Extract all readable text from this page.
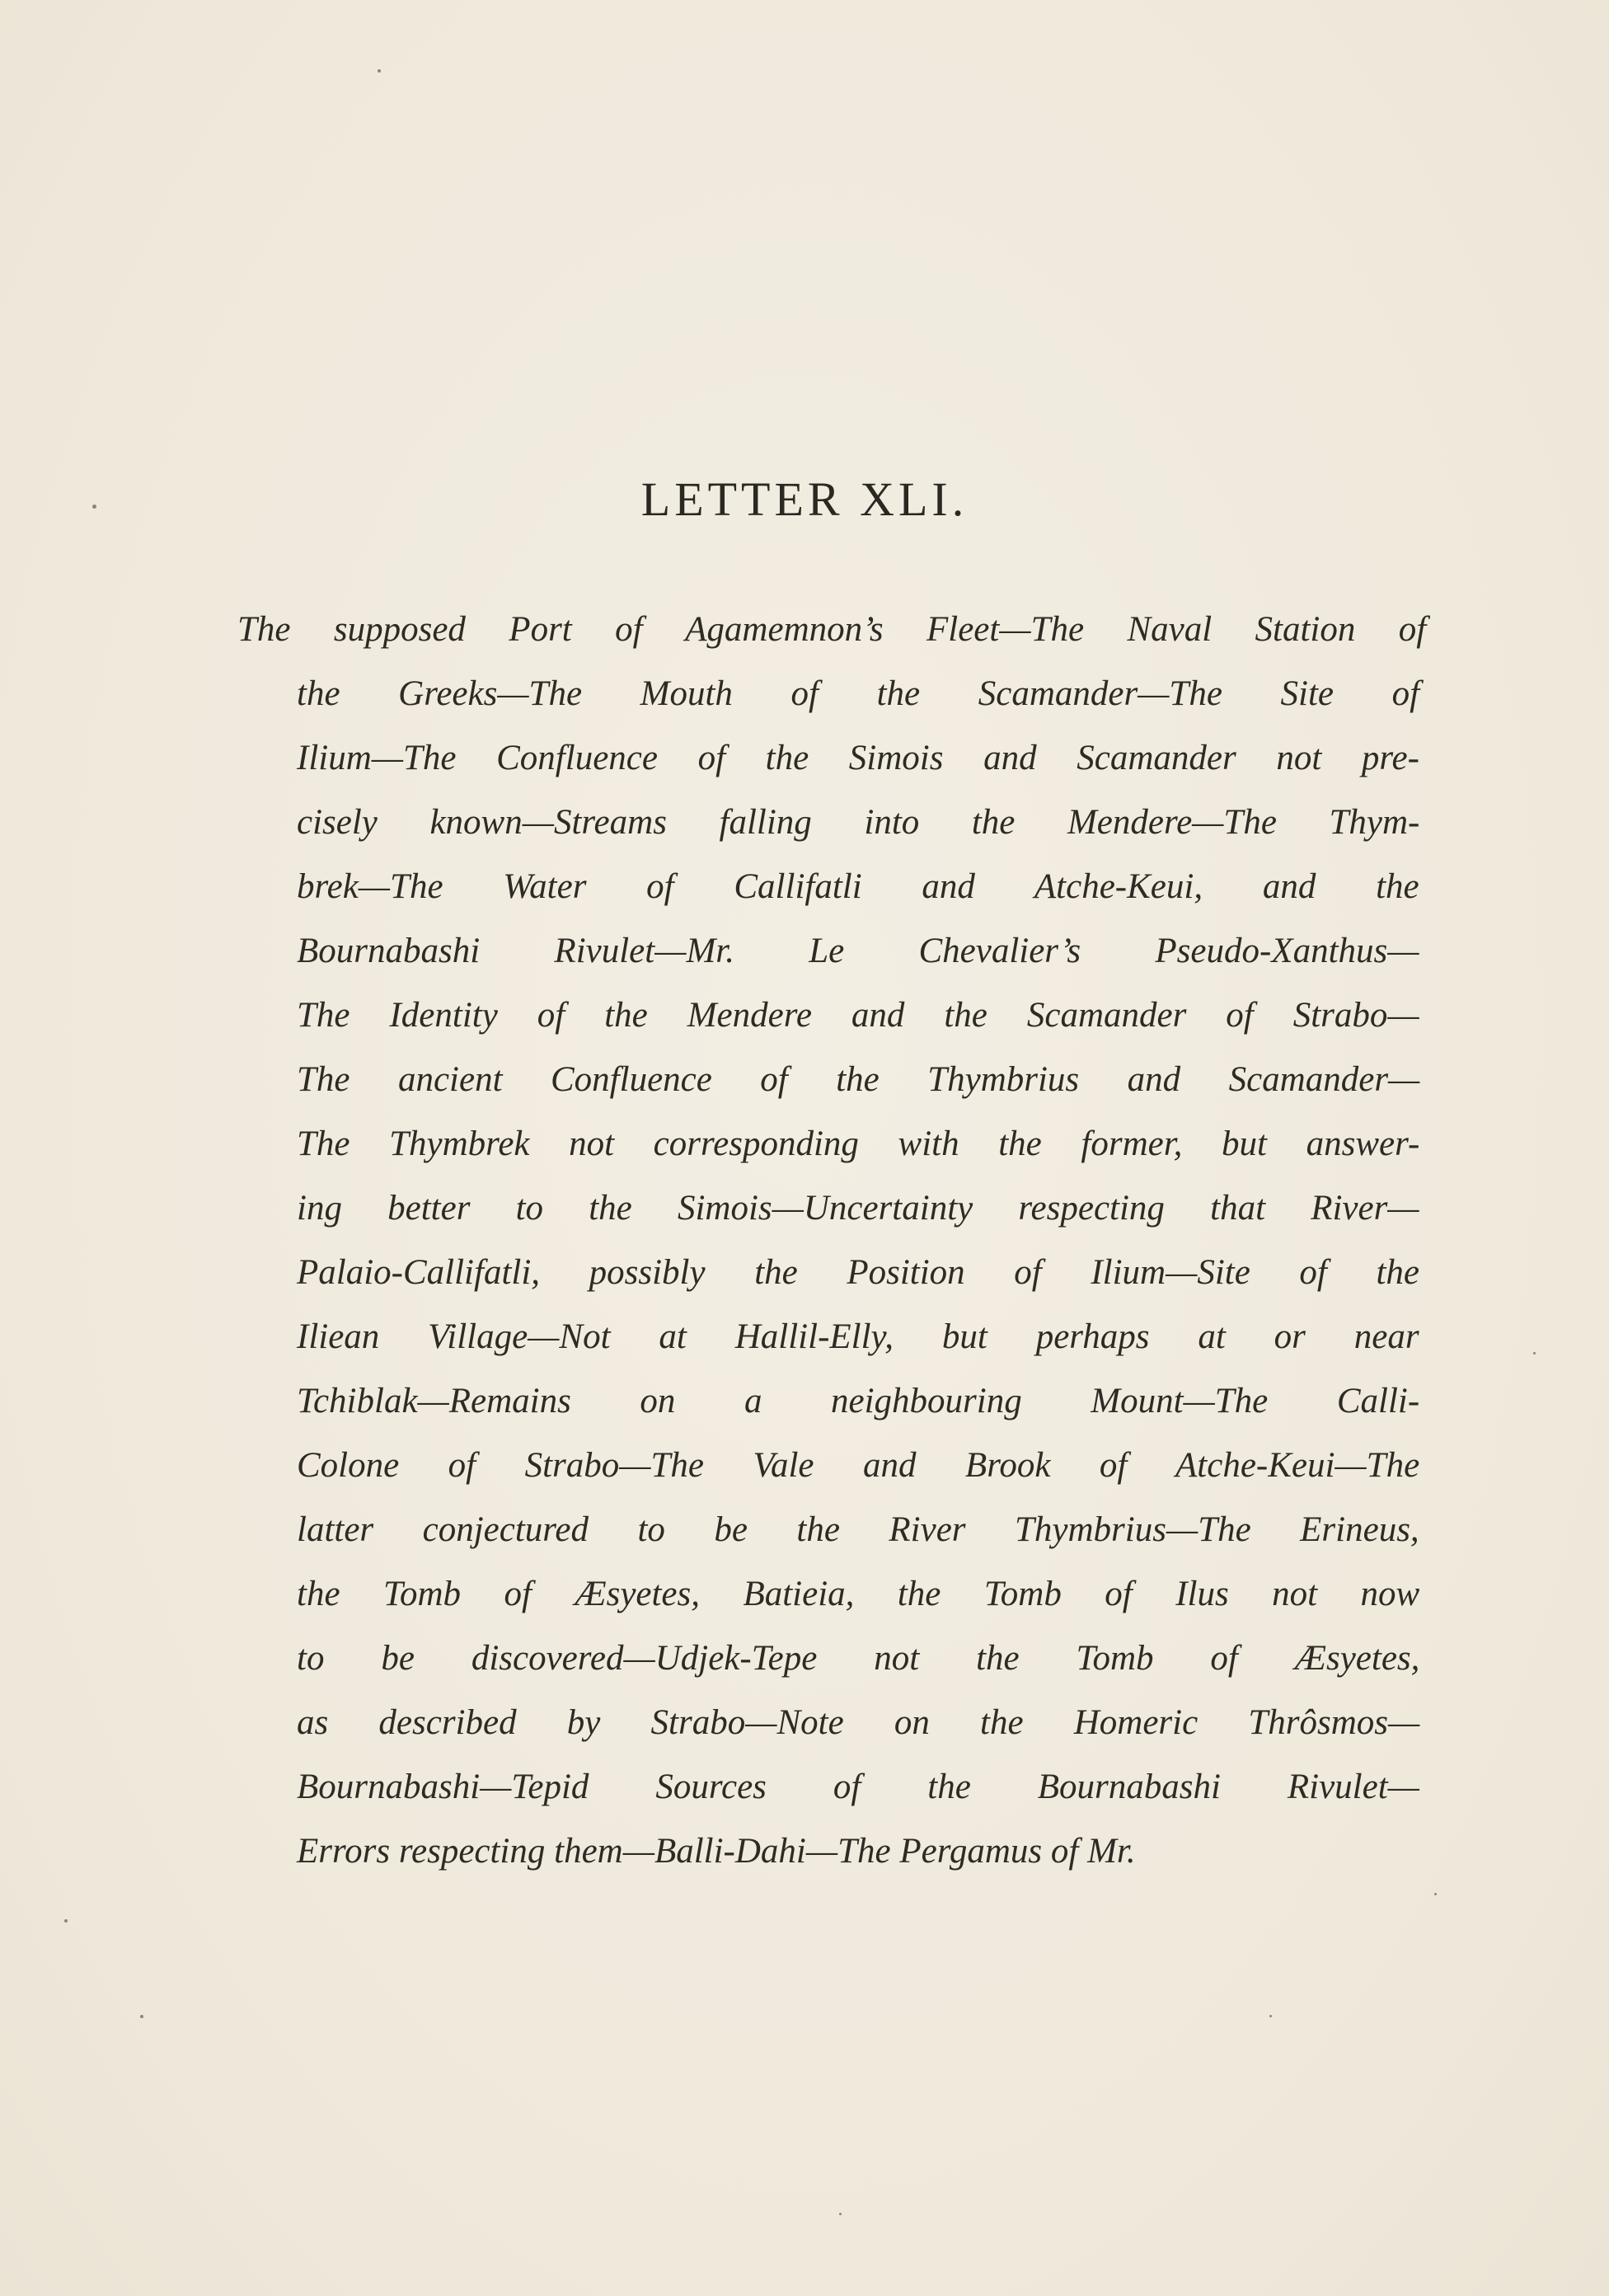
LETTER XLI.
The supposed Port of Agamemnon’s Fleet—The Naval Station of
the Greeks—The Mouth of the Scamander—The Site of
Ilium—The Confluence of the Simois and Scamander not pre-
cisely known—Streams falling into the Mendere—The Thym-
brek—The Water of Callifatli and Atche-Keui, and the
Bournabashi Rivulet—Mr. Le Chevalier’s Pseudo-Xanthus—
The Identity of the Mendere and the Scamander of Strabo—
The ancient Confluence of the Thymbrius and Scamander—
The Thymbrek not corresponding with the former, but answer-
ing better to the Simois—Uncertainty respecting that River—
Palaio-Callifatli, possibly the Position of Ilium—Site of the
Iliean Village—Not at Hallil-Elly, but perhaps at or near
Tchiblak—Remains on a neighbouring Mount—The Calli-
Colone of Strabo—The Vale and Brook of Atche-Keui—The
latter conjectured to be the River Thymbrius—The Erineus,
the Tomb of Æsyetes, Batieia, the Tomb of Ilus not now
to be discovered—Udjek-Tepe not the Tomb of Æsyetes,
as described by Strabo—Note on the Homeric Thrôsmos—
Bournabashi—Tepid Sources of the Bournabashi Rivulet—
Errors respecting them—Balli-Dahi—The Pergamus of Mr.
